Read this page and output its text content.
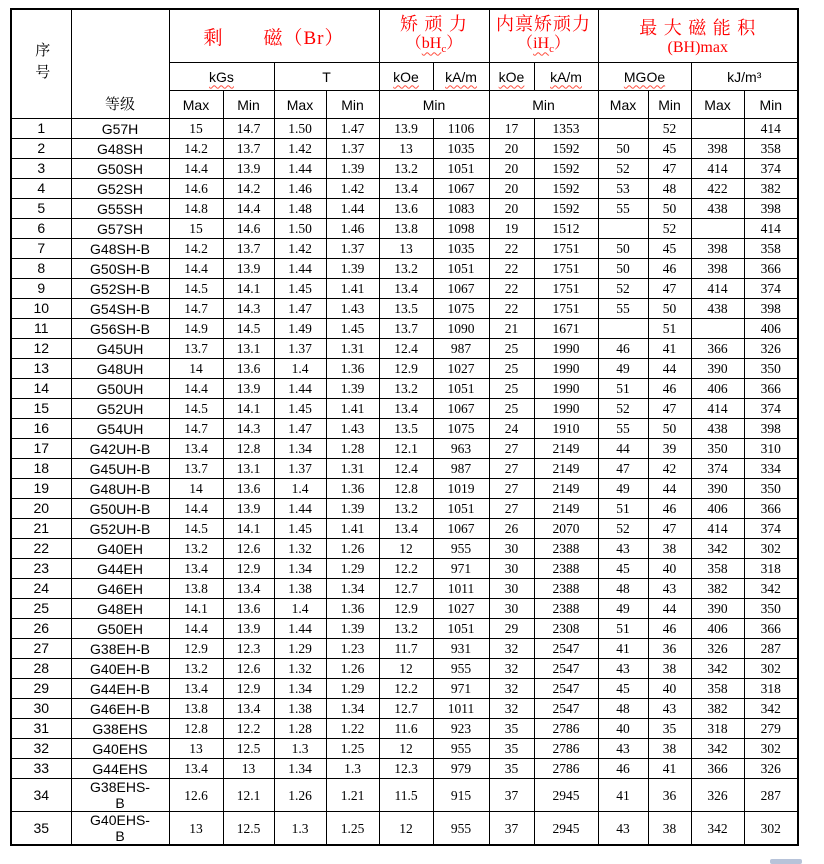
序号

等级

剩　　磁（Br）

矫 顽 力
$(bH_c)$

内禀矫顽力
$(iH_c)$

最 大 磁 能 积
(BH)max

		kGs		T		kOe	kA/m	kOe	kA/m	MGOe		kJ/m³	
		Max	Min	Max	Min	Min		Min		Max	Min	Max	Min
1	G57H	15	14.7	1.50	1.47	13.9	1106	17	1353		52		414
2	G48SH	14.2	13.7	1.42	1.37	13	1035	20	1592	50	45	398	358
3	G50SH	14.4	13.9	1.44	1.39	13.2	1051	20	1592	52	47	414	374
4	G52SH	14.6	14.2	1.46	1.42	13.4	1067	20	1592	53	48	422	382
5	G55SH	14.8	14.4	1.48	1.44	13.6	1083	20	1592	55	50	438	398
6	G57SH	15	14.6	1.50	1.46	13.8	1098	19	1512		52		414
7	G48SH-B	14.2	13.7	1.42	1.37	13	1035	22	1751	50	45	398	358
8	G50SH-B	14.4	13.9	1.44	1.39	13.2	1051	22	1751	50	46	398	366
9	G52SH-B	14.5	14.1	1.45	1.41	13.4	1067	22	1751	52	47	414	374
10	G54SH-B	14.7	14.3	1.47	1.43	13.5	1075	22	1751	55	50	438	398
11	G56SH-B	14.9	14.5	1.49	1.45	13.7	1090	21	1671		51		406
12	G45UH	13.7	13.1	1.37	1.31	12.4	987	25	1990	46	41	366	326
13	G48UH	14	13.6	1.4	1.36	12.9	1027	25	1990	49	44	390	350
14	G50UH	14.4	13.9	1.44	1.39	13.2	1051	25	1990	51	46	406	366
15	G52UH	14.5	14.1	1.45	1.41	13.4	1067	25	1990	52	47	414	374
16	G54UH	14.7	14.3	1.47	1.43	13.5	1075	24	1910	55	50	438	398
17	G42UH-B	13.4	12.8	1.34	1.28	12.1	963	27	2149	44	39	350	310
18	G45UH-B	13.7	13.1	1.37	1.31	12.4	987	27	2149	47	42	374	334
19	G48UH-B	14	13.6	1.4	1.36	12.8	1019	27	2149	49	44	390	350
20	G50UH-B	14.4	13.9	1.44	1.39	13.2	1051	27	2149	51	46	406	366
21	G52UH-B	14.5	14.1	1.45	1.41	13.4	1067	26	2070	52	47	414	374
22	G40EH	13.2	12.6	1.32	1.26	12	955	30	2388	43	38	342	302
23	G44EH	13.4	12.9	1.34	1.29	12.2	971	30	2388	45	40	358	318
24	G46EH	13.8	13.4	1.38	1.34	12.7	1011	30	2388	48	43	382	342
25	G48EH	14.1	13.6	1.4	1.36	12.9	1027	30	2388	49	44	390	350
26	G50EH	14.4	13.9	1.44	1.39	13.2	1051	29	2308	51	46	406	366
27	G38EH-B	12.9	12.3	1.29	1.23	11.7	931	32	2547	41	36	326	287
28	G40EH-B	13.2	12.6	1.32	1.26	12	955	32	2547	43	38	342	302
29	G44EH-B	13.4	12.9	1.34	1.29	12.2	971	32	2547	45	40	358	318
30	G46EH-B	13.8	13.4	1.38	1.34	12.7	1011	32	2547	48	43	382	342
31	G38EHS	12.8	12.2	1.28	1.22	11.6	923	35	2786	40	35	318	279
32	G40EHS	13	12.5	1.3	1.25	12	955	35	2786	43	38	342	302
33	G44EHS	13.4	13	1.34	1.3	12.3	979	35	2786	46	41	366	326
34	G38EHS-
B	12.6	12.1	1.26	1.21	11.5	915	37	2945	41	36	326	287
35	G40EHS-
B	13	12.5	1.3	1.25	12	955	37	2945	43	38	342	302
